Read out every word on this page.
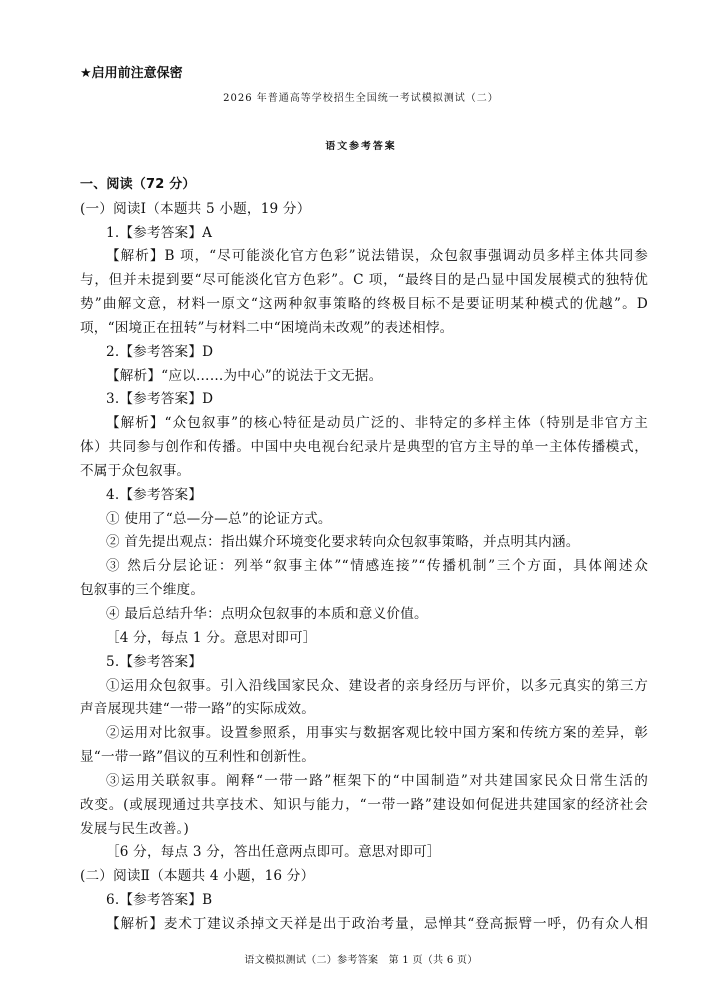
★启用前注意保密
2026 年普通高等学校招生全国统一考试模拟测试（二）
语文参考答案
一、阅读（72 分）
(一）阅读Ⅰ（本题共 5 小题，19 分）
1.【参考答案】A
【解析】B 项，“尽可能淡化官方色彩”说法错误，众包叙事强调动员多样主体共同参
与，但并未提到要“尽可能淡化官方色彩”。C 项，“最终目的是凸显中国发展模式的独特优
势”曲解文意，材料一原文“这两种叙事策略的终极目标不是要证明某种模式的优越”。D
项，“困境正在扭转”与材料二中“困境尚未改观”的表述相悖。
2.【参考答案】D
【解析】“应以……为中心”的说法于文无据。
3.【参考答案】D
【解析】“众包叙事”的核心特征是动员广泛的、非特定的多样主体（特别是非官方主
体）共同参与创作和传播。中国中央电视台纪录片是典型的官方主导的单一主体传播模式，
不属于众包叙事。
4.【参考答案】
① 使用了“总—分—总”的论证方式。
② 首先提出观点：指出媒介环境变化要求转向众包叙事策略，并点明其内涵。
③ 然后分层论证：列举“叙事主体”“情感连接”“传播机制”三个方面，具体阐述众
包叙事的三个维度。
④ 最后总结升华：点明众包叙事的本质和意义价值。
［4 分，每点 1 分。意思对即可］
5.【参考答案】
①运用众包叙事。引入沿线国家民众、建设者的亲身经历与评价，以多元真实的第三方
声音展现共建“一带一路”的实际成效。
②运用对比叙事。设置参照系，用事实与数据客观比较中国方案和传统方案的差异，彰
显“一带一路”倡议的互利性和创新性。
③运用关联叙事。阐释“一带一路”框架下的“中国制造”对共建国家民众日常生活的
改变。(或展现通过共享技术、知识与能力，“一带一路”建设如何促进共建国家的经济社会
发展与民生改善。)
［6 分，每点 3 分，答出任意两点即可。意思对即可］
(二）阅读Ⅱ（本题共 4 小题，16 分）
6.【参考答案】B
【解析】麦术丁建议杀掉文天祥是出于政治考量，忌惮其“登高振臂一呼，仍有众人相
语文模拟测试（二）参考答案　第 1 页（共 6 页）
